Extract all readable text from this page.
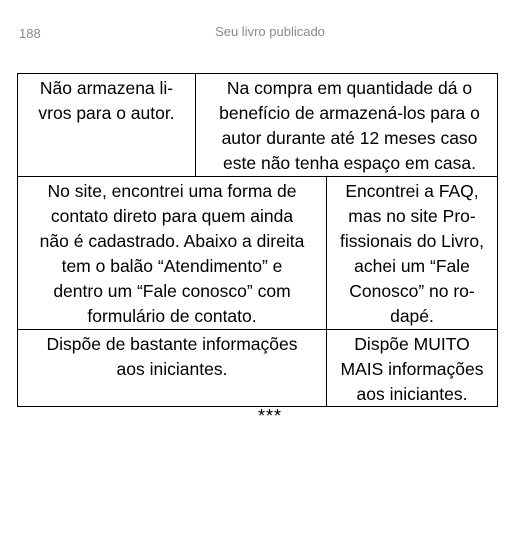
188	Seu livro publicado
Não armazena li-
vros para o autor.
Na compra em quantidade dá o
benefício de armazená-los para o
autor durante até 12 meses caso
este não tenha espaço em casa.
No site, encontrei uma forma de
contato direto para quem ainda
não é cadastrado. Abaixo a direita
tem o balão “Atendimento” e
dentro um “Fale conosco” com
formulário de contato.
Encontrei a FAQ,
mas no site Pro-
fissionais do Livro,
achei um “Fale
Conosco” no ro-
dapé.
Dispõe de bastante informações
aos iniciantes.
Dispõe MUITO
MAIS informações
aos iniciantes.
***
